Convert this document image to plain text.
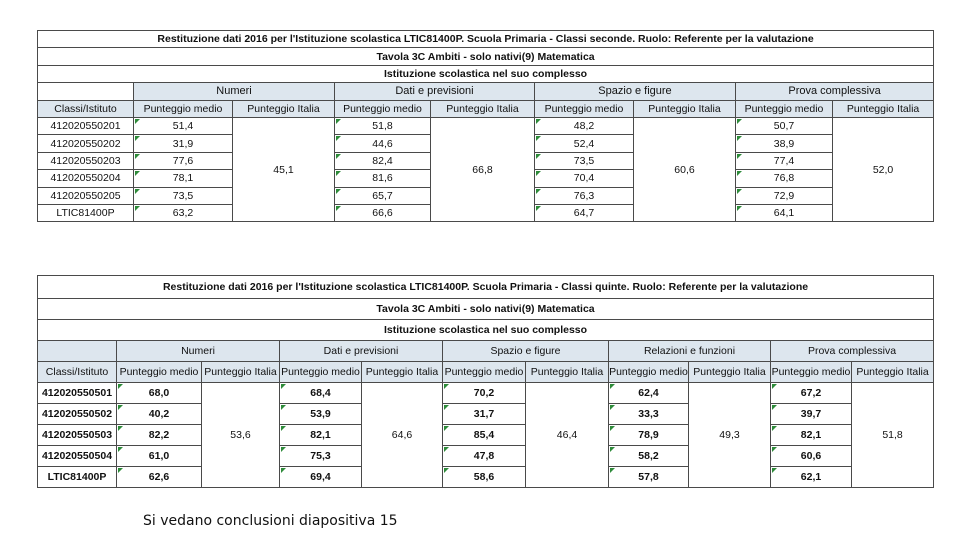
Restituzione dati 2016 per l'Istituzione scolastica LTIC81400P. Scuola Primaria - Classi seconde. Ruolo: Referente per la valutazione								
Tavola 3C Ambiti - solo nativi(9) Matematica								
Istituzione scolastica nel suo complesso								
	Numeri		Dati e previsioni		Spazio e figure		Prova complessiva	
Classi/Istituto	Punteggio medio	Punteggio Italia	Punteggio medio	Punteggio Italia	Punteggio medio	Punteggio Italia	Punteggio medio	Punteggio Italia
412020550201	51,4	45,1	51,8	66,8	48,2	60,6	50,7	52,0
412020550202	31,9		44,6		52,4		38,9	
412020550203	77,6		82,4		73,5		77,4	
412020550204	78,1		81,6		70,4		76,8	
412020550205	73,5		65,7		76,3		72,9	
LTIC81400P	63,2		66,6		64,7		64,1	
Restituzione dati 2016 per l'Istituzione scolastica LTIC81400P. Scuola Primaria - Classi quinte. Ruolo: Referente per la valutazione										
Tavola 3C Ambiti - solo nativi(9) Matematica										
Istituzione scolastica nel suo complesso										
	Numeri		Dati e previsioni		Spazio e figure		Relazioni e funzioni		Prova complessiva	
Classi/Istituto	Punteggio medio	Punteggio Italia	Punteggio medio	Punteggio Italia	Punteggio medio	Punteggio Italia	Punteggio medio	Punteggio Italia	Punteggio medio	Punteggio Italia
412020550501	68,0	53,6	68,4	64,6	70,2	46,4	62,4	49,3	67,2	51,8
412020550502	40,2		53,9		31,7		33,3		39,7	
412020550503	82,2		82,1		85,4		78,9		82,1	
412020550504	61,0		75,3		47,8		58,2		60,6	
LTIC81400P	62,6		69,4		58,6		57,8		62,1	
Si vedano conclusioni diapositiva 15
